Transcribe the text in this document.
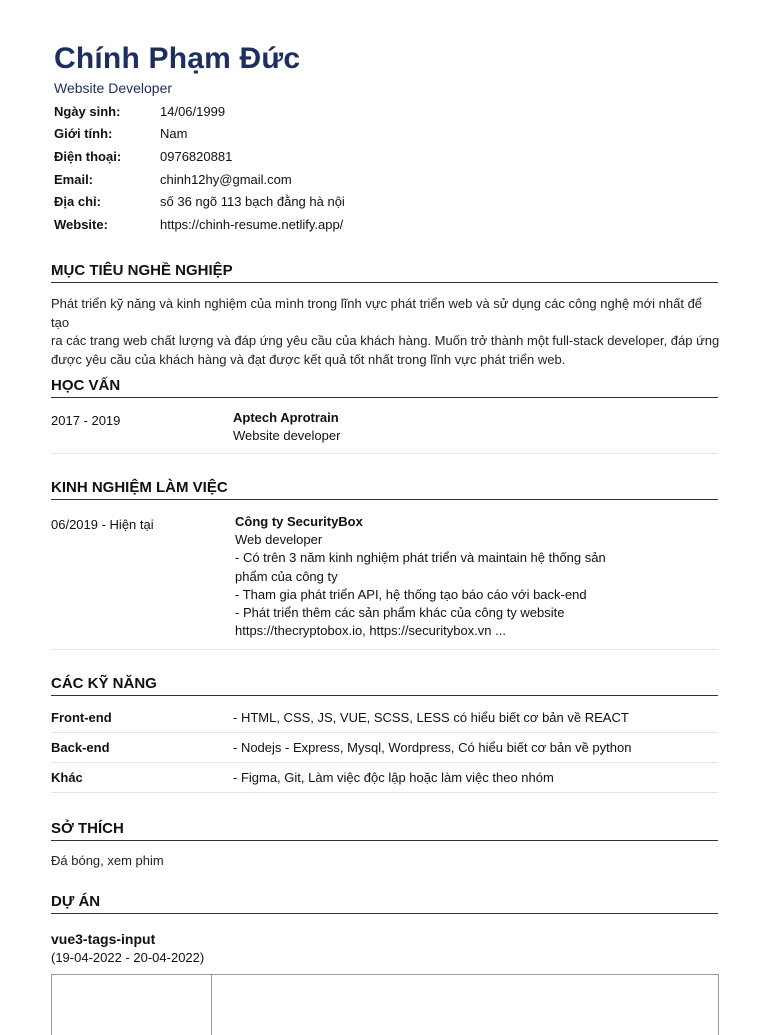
Chính Phạm Đức
Website Developer
Ngày sinh:	14/06/1999
Giới tính:	Nam
Điện thoại:	0976820881
Email:	chinh12hy@gmail.com
Địa chỉ:	số 36 ngõ 113 bạch đằng hà nội
Website:	https://chinh-resume.netlify.app/
MỤC TIÊU NGHỀ NGHIỆP
Phát triển kỹ năng và kinh nghiệm của mình trong lĩnh vực phát triển web và sử dụng các công nghệ mới nhất để tạo
ra các trang web chất lượng và đáp ứng yêu cầu của khách hàng. Muốn trở thành một full-stack developer, đáp ứng
được yêu cầu của khách hàng và đạt được kết quả tốt nhất trong lĩnh vực phát triển web.
HỌC VẤN
2017 - 2019	Aptech Aprotrain
Website developer
KINH NGHIỆM LÀM VIỆC
06/2019 - Hiện tại	Công ty SecurityBox
Web developer
- Có trên 3 năm kinh nghiệm phát triển và maintain hệ thống sản
phẩm của công ty
- Tham gia phát triển API, hệ thống tạo báo cáo với back-end
- Phát triển thêm các sản phẩm khác của công ty website
https://thecryptobox.io, https://securitybox.vn ...
CÁC KỸ NĂNG
Front-end	- HTML, CSS, JS, VUE, SCSS, LESS có hiểu biết cơ bản về REACT
Back-end	- Nodejs - Express, Mysql, Wordpress, Có hiểu biết cơ bản về python
Khác	- Figma, Git, Làm việc độc lập hoặc làm việc theo nhóm
SỞ THÍCH
Đá bóng, xem phim
DỰ ÁN
vue3-tags-input
(19-04-2022 - 20-04-2022)
